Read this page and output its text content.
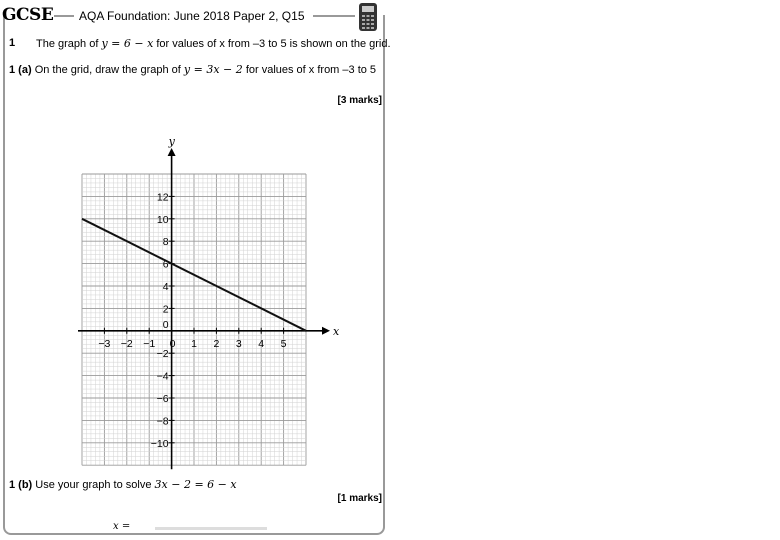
GCSE AQA Foundation: June 2018 Paper 2, Q15
1 The graph of y = 6 − x for values of x from –3 to 5 is shown on the grid.
1 (a) On the grid, draw the graph of y = 3x − 2 for values of x from –3 to 5
[3 marks]
x
y
−3 −2 −1 0 1 2 3 4 5
−10
−8
−6
−4
−2
2
4
6
8
10
12
0
1 (b) Use your graph to solve 3x − 2 = 6 − x
[1 marks]
x =
